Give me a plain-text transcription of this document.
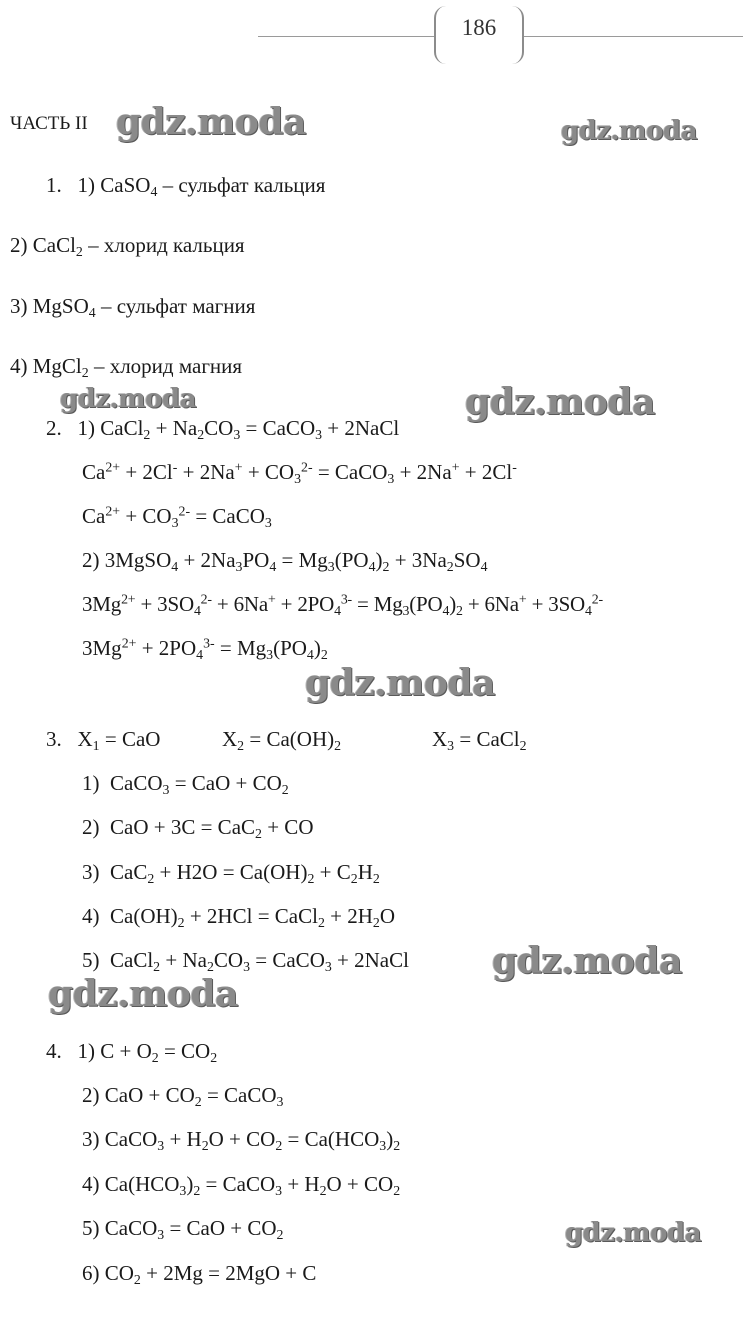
186
ЧАСТЬ II
1. 1) CaSO$_4$ – сульфат кальция
2) CaCl$_2$ – хлорид кальция
3) MgSO$_4$ – сульфат магния
4) MgCl$_2$ – хлорид магния
2.   1) CaCl$_2$ + $Na_2CO_3$ = CaCO$_3$ + 2NaCl
$Ca^{2+} + 2Cl^- + 2Na^+ + CO_3^{2-}$ = CaCO$_3$ + 2Na+ + 2Cl-
$Ca^{2+} + CO_3^{2-}$ = CaCO$_3$
2) 3MgSO$_4$ + $2Na_3PO_4 = Mg_3(PO_4)_2 + 3Na_2SO_4$
$3Mg^{2+} + 3SO_4^{2-} + 6Na^+ + 2PO_4^{3-} = Mg_3(PO_4)_2 + 6Na^+ + 3SO_4^{2-}$
$3Mg^{2+} + 2PO_4^{3-} = Mg_3(PO_4)_2$
3.   $X_1$ = CaO	$X_2 = Ca(OH)_2$	$X_3$ = CaCl$_2$
1)  CaCO$_3$ = CaO + $CO_2$
2)  CaO + 3C = CaC$_2$ + CO
3)  $CaC_2 + H2O = Ca(OH)_2 + C_2H_2$
4)  $Ca(OH)_2 + 2HCl$ = CaCl$_2$ + $2H_2O$
5)  CaCl$_2$ + $Na_2CO_3$ = CaCO$_3$ + 2NaCl
4.   1) $C + O_2 = CO_2$
2) CaO + $CO_2$ = CaCO$_3$
3) CaCO$_3$ + $H_2O + CO_2 = Ca(HCO_3)_2$
4) $Ca(HCO_3)_2$ = CaCO$_3$ + $H_2O + CO_2$
5) CaCO$_3$ = CaO + $CO_2$
6) $CO_2 + 2Mg = 2MgO + C$
gdz.moda	gdz.moda
gdz.moda	gdz.moda
gdz.moda
gdz.moda
gdz.moda
gdz.moda
